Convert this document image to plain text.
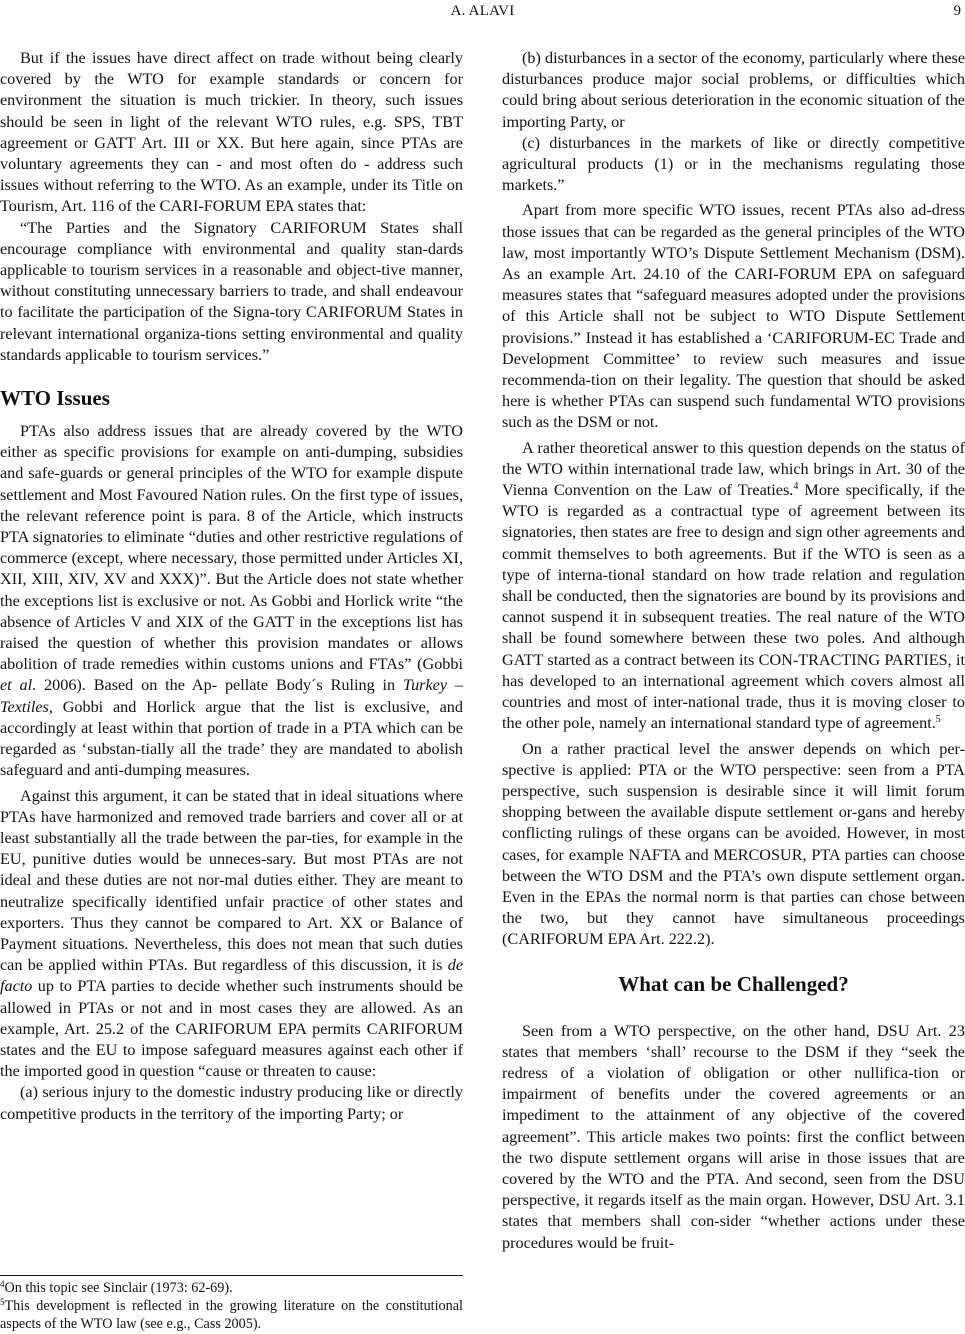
A. ALAVI	9

But if the issues have direct affect on trade without being clearly covered by the WTO for example standards or concern for environment the situation is much trickier. In theory, such issues should be seen in light of the relevant WTO rules, e.g. SPS, TBT agreement or GATT Art. III or XX. But here again, since PTAs are voluntary agreements they can - and most often do - address such issues without referring to the WTO. As an example, under its Title on Tourism, Art. 116 of the CARI-FORUM EPA states that:

“The Parties and the Signatory CARIFORUM States shall encourage compliance with environmental and quality stan-dards applicable to tourism services in a reasonable and object-tive manner, without constituting unnecessary barriers to trade, and shall endeavour to facilitate the participation of the Signa-tory CARIFORUM States in relevant international organiza-tions setting environmental and quality standards applicable to tourism services.”

WTO Issues

PTAs also address issues that are already covered by the WTO either as specific provisions for example on anti-dumping, subsidies and safe-guards or general principles of the WTO for example dispute settlement and Most Favoured Nation rules. On the first type of issues, the relevant reference point is para. 8 of the Article, which instructs PTA signatories to eliminate “duties and other restrictive regulations of commerce (except, where necessary, those permitted under Articles XI, XII, XIII, XIV, XV and XXX)”. But the Article does not state whether the exceptions list is exclusive or not. As Gobbi and Horlick write “the absence of Articles V and XIX of the GATT in the exceptions list has raised the question of whether this provision mandates or allows abolition of trade remedies within customs unions and FTAs” (Gobbi et al. 2006). Based on the Ap- pellate Body´s Ruling in Turkey – Textiles, Gobbi and Horlick argue that the list is exclusive, and accordingly at least within that portion of trade in a PTA which can be regarded as ‘substan-tially all the trade’ they are mandated to abolish safeguard and anti-dumping measures.

Against this argument, it can be stated that in ideal situations where PTAs have harmonized and removed trade barriers and cover all or at least substantially all the trade between the par-ties, for example in the EU, punitive duties would be unneces-sary. But most PTAs are not ideal and these duties are not nor-mal duties either. They are meant to neutralize specifically identified unfair practice of other states and exporters. Thus they cannot be compared to Art. XX or Balance of Payment situations. Nevertheless, this does not mean that such duties can be applied within PTAs. But regardless of this discussion, it is de facto up to PTA parties to decide whether such instruments should be allowed in PTAs or not and in most cases they are allowed. As an example, Art. 25.2 of the CARIFORUM EPA permits CARIFORUM states and the EU to impose safeguard measures against each other if the imported good in question “cause or threaten to cause:

(a) serious injury to the domestic industry producing like or directly competitive products in the territory of the importing Party; or

$^4$On this topic see Sinclair (1973: 62-69).

$^5$This development is reflected in the growing literature on the constitutional aspects of the WTO law (see e.g., Cass 2005).

(b) disturbances in a sector of the economy, particularly where these disturbances produce major social problems, or difficulties which could bring about serious deterioration in the economic situation of the importing Party, or

(c) disturbances in the markets of like or directly competitive agricultural products (1) or in the mechanisms regulating those markets.”

Apart from more specific WTO issues, recent PTAs also ad-dress those issues that can be regarded as the general principles of the WTO law, most importantly WTO’s Dispute Settlement Mechanism (DSM). As an example Art. 24.10 of the CARI-FORUM EPA on safeguard measures states that “safeguard measures adopted under the provisions of this Article shall not be subject to WTO Dispute Settlement provisions.” Instead it has established a ‘CARIFORUM-EC Trade and Development Committee’ to review such measures and issue recommenda-tion on their legality. The question that should be asked here is whether PTAs can suspend such fundamental WTO provisions such as the DSM or not.

A rather theoretical answer to this question depends on the status of the WTO within international trade law, which brings in Art. 30 of the Vienna Convention on the Law of Treaties.$^4$ More specifically, if the WTO is regarded as a contractual type of agreement between its signatories, then states are free to design and sign other agreements and commit themselves to both agreements. But if the WTO is seen as a type of interna-tional standard on how trade relation and regulation shall be conducted, then the signatories are bound by its provisions and cannot suspend it in subsequent treaties. The real nature of the WTO shall be found somewhere between these two poles. And although GATT started as a contract between its CON-TRACTING PARTIES, it has developed to an international agreement which covers almost all countries and most of inter-national trade, thus it is moving closer to the other pole, namely an international standard type of agreement.$^5$

On a rather practical level the answer depends on which per-spective is applied: PTA or the WTO perspective: seen from a PTA perspective, such suspension is desirable since it will limit forum shopping between the available dispute settlement or-gans and hereby conflicting rulings of these organs can be avoided. However, in most cases, for example NAFTA and MERCOSUR, PTA parties can choose between the WTO DSM and the PTA’s own dispute settlement organ. Even in the EPAs the normal norm is that parties can chose between the two, but they cannot have simultaneous proceedings (CARIFORUM EPA Art. 222.2).

What can be Challenged?

Seen from a WTO perspective, on the other hand, DSU Art. 23 states that members ‘shall’ recourse to the DSM if they “seek the redress of a violation of obligation or other nullifica-tion or impairment of benefits under the covered agreements or an impediment to the attainment of any objective of the covered agreement”. This article makes two points: first the conflict between the two dispute settlement organs will arise in those issues that are covered by the WTO and the PTA. And second, seen from the DSU perspective, it regards itself as the main organ. However, DSU Art. 3.1 states that members shall con-sider “whether actions under these procedures would be fruit-
